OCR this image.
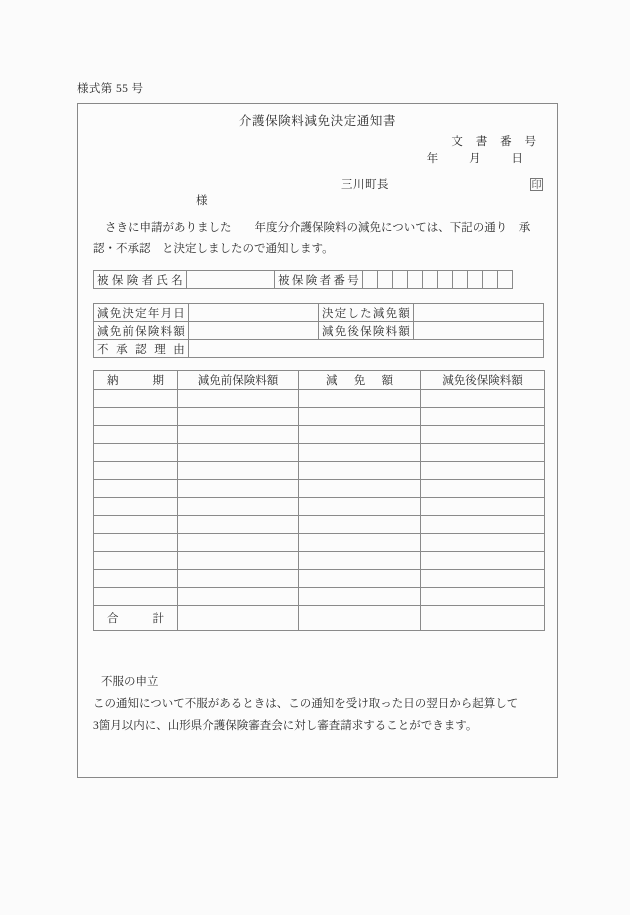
様式第 55 号
介護保険料減免決定通知書
文 書 番 号
年 月 日
三川町長	印
様
さきに申請がありました　　年度分介護保険料の減免については、下記の通り　承
認・不承認　と決定しましたので通知します。
被保険者氏名		被保険者番号										
減免決定年月日		決定した減免額	
減免前保険料額		減免後保険料額	
不 承 認 理 由			
納　　期	減免前保険料額	減　免　額	減免後保険料額

合　　計			

不服の申立
この通知について不服があるときは、この通知を受け取った日の翌日から起算して
3箇月以内に、山形県介護保険審査会に対し審査請求することができます。
